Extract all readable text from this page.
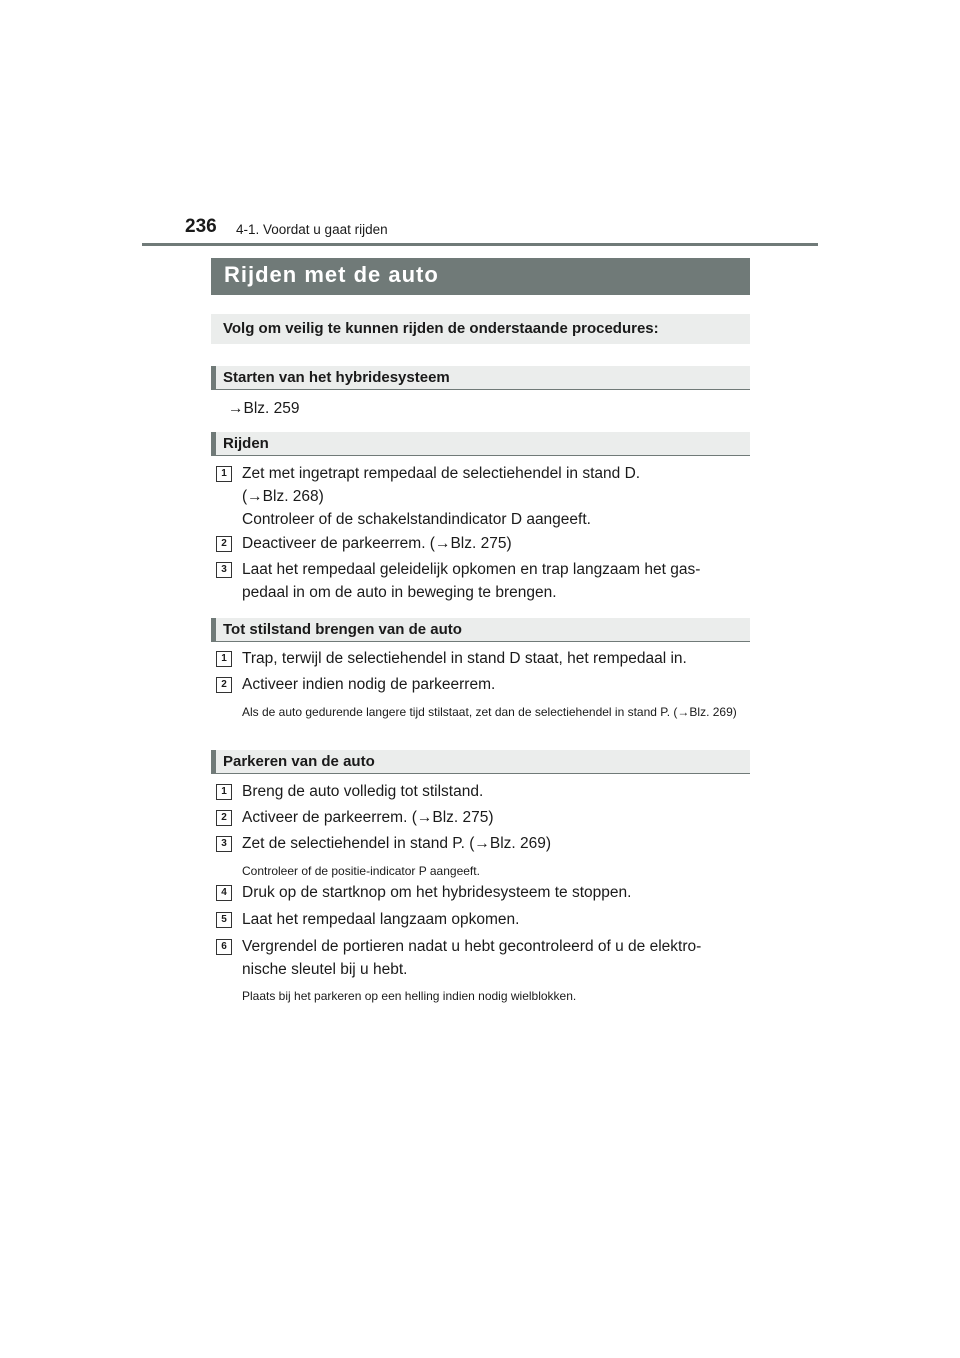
236 4-1. Voordat u gaat rijden
Rijden met de auto
Volg om veilig te kunnen rijden de onderstaande procedures:
Starten van het hybridesysteem
→Blz. 259
Rijden
1 Zet met ingetrapt rempedaal de selectiehendel in stand D.
(→Blz. 268)
Controleer of de schakelstandindicator D aangeeft.
2 Deactiveer de parkeerrem. (→Blz. 275)
3 Laat het rempedaal geleidelijk opkomen en trap langzaam het gas-
pedaal in om de auto in beweging te brengen.
Tot stilstand brengen van de auto
1 Trap, terwijl de selectiehendel in stand D staat, het rempedaal in.
2 Activeer indien nodig de parkeerrem.
Als de auto gedurende langere tijd stilstaat, zet dan de selectiehendel in stand P. (→Blz. 269)
Parkeren van de auto
1 Breng de auto volledig tot stilstand.
2 Activeer de parkeerrem. (→Blz. 275)
3 Zet de selectiehendel in stand P. (→Blz. 269)
Controleer of de positie-indicator P aangeeft.
4 Druk op de startknop om het hybridesysteem te stoppen.
5 Laat het rempedaal langzaam opkomen.
6 Vergrendel de portieren nadat u hebt gecontroleerd of u de elektro-
nische sleutel bij u hebt.
Plaats bij het parkeren op een helling indien nodig wielblokken.
